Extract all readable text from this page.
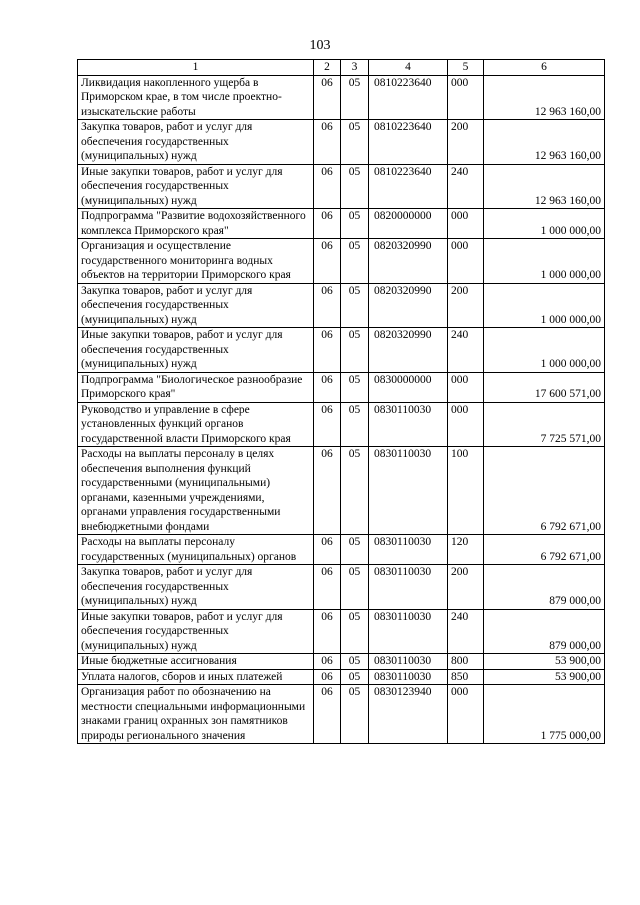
103
1	2	3	4	5	6
Ликвидация накопленного ущерба в Приморском крае, в том числе проектно-изыскательские работы	06	05	0810223640	000	12 963 160,00
Закупка товаров, работ и услуг для обеспечения государственных (муниципальных) нужд	06	05	0810223640	200	12 963 160,00
Иные закупки товаров, работ и услуг для обеспечения государственных (муниципальных) нужд	06	05	0810223640	240	12 963 160,00
Подпрограмма "Развитие водохозяйственного комплекса Приморского края"	06	05	0820000000	000	1 000 000,00
Организация и осуществление государственного мониторинга водных объектов на территории Приморского края	06	05	0820320990	000	1 000 000,00
Закупка товаров, работ и услуг для обеспечения государственных (муниципальных) нужд	06	05	0820320990	200	1 000 000,00
Иные закупки товаров, работ и услуг для обеспечения государственных (муниципальных) нужд	06	05	0820320990	240	1 000 000,00
Подпрограмма "Биологическое разнообразие Приморского края"	06	05	0830000000	000	17 600 571,00
Руководство и управление в сфере установленных функций органов государственной власти Приморского края	06	05	0830110030	000	7 725 571,00
Расходы на выплаты персоналу в целях обеспечения выполнения функций государственными (муниципальными) органами, казенными учреждениями, органами управления государственными внебюджетными фондами	06	05	0830110030	100	6 792 671,00
Расходы на выплаты персоналу государственных (муниципальных) органов	06	05	0830110030	120	6 792 671,00
Закупка товаров, работ и услуг для обеспечения государственных (муниципальных) нужд	06	05	0830110030	200	879 000,00
Иные закупки товаров, работ и услуг для обеспечения государственных (муниципальных) нужд	06	05	0830110030	240	879 000,00
Иные бюджетные ассигнования	06	05	0830110030	800	53 900,00
Уплата налогов, сборов и иных платежей	06	05	0830110030	850	53 900,00
Организация работ по обозначению на местности специальными информационными знаками границ охранных зон памятников природы регионального значения	06	05	0830123940	000	1 775 000,00
